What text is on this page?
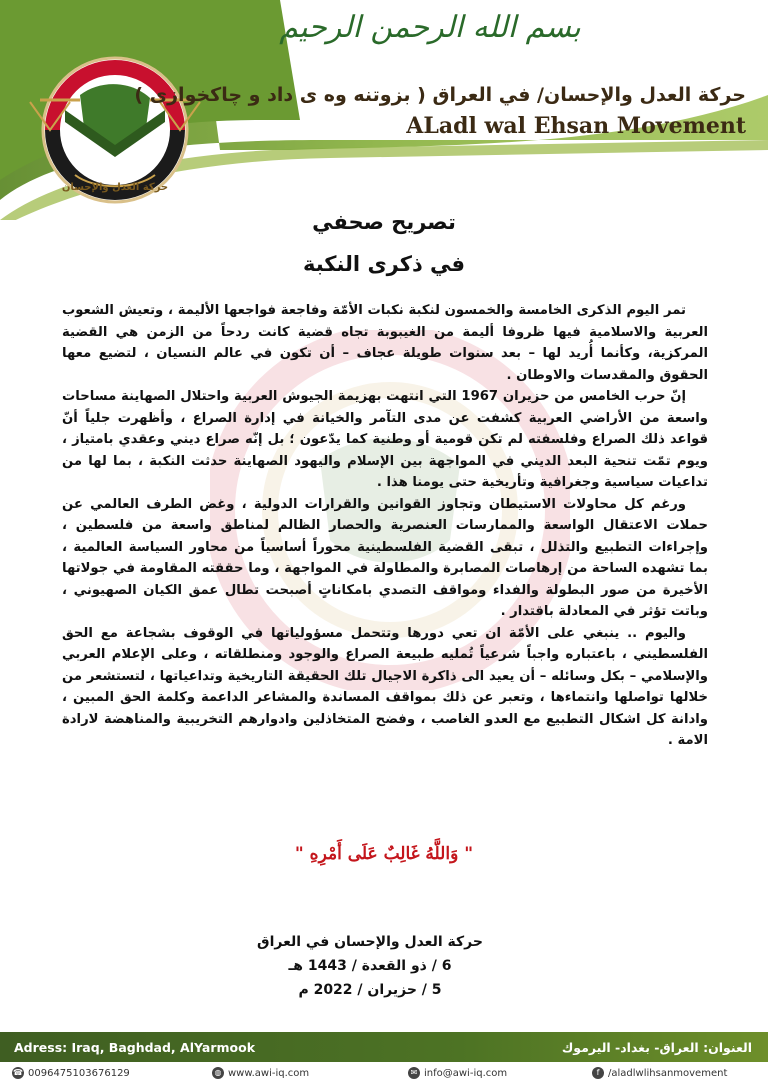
حركة العدل والإحسان
بسم الله الرحمن الرحيم
حركة العدل والإحسان/ في العراق ( بزوتنه وه ى داد و چاكخوازى )
ALadl wal Ehsan Movement
تصريح صحفي
في ذكرى النكبة

تمر اليوم الذكرى الخامسة والخمسون لنكبة نكبات الأمّة وفاجعة فواجعها الأليمة ، وتعيش الشعوب العربية والاسلامية فيها ظروفا أليمة من الغيبوبة تجاه قضية كانت ردحاً من الزمن هي القضية المركزية، وكأنما أُريد لها – بعد سنوات طويلة عجاف – أن تكون في عالم النسيان ، لتضيع معها الحقوق والمقدسات والاوطان .

إنّ حرب الخامس من حزيران 1967 التي انتهت بهزيمة الجيوش العربية واحتلال الصهاينة مساحات واسعة من الأراضي العربية كشفت عن مدى التآمر والخيانة في إدارة الصراع ، وأظهرت جلياً أنّ قواعد ذلك الصراع وفلسفته لم تكن قومية أو وطنية كما يدّعون ؛ بل إنّه صراع ديني وعقدي بامتياز ، ويوم تمّت تنحية البعد الديني في المواجهة بين الإسلام واليهود الصهاينة حدثت النكبة ، بما لها من تداعيات سياسية وجغرافية وتأريخية حتى يومنا هذا .

ورغم كل محاولات الاستيطان وتجاوز القوانين والقرارات الدولية ، وغض الطرف العالمي عن حملات الاعتقال الواسعة والممارسات العنصرية والحصار الظالم لمناطق واسعة من فلسطين ، وإجراءات التطبيع والتذلل ، تبقى القضية الفلسطينية محوراً أساسياً من محاور السياسة العالمية ، بما تشهده الساحة من إرهاصات المصابرة والمطاولة في المواجهة ، وما حققته المقاومة في جولاتها الأخيرة من صور البطولة والفداء ومواقف التصدي بامكاناتٍ أصبحت تطال عمق الكيان الصهيوني ، وباتت تؤثر في المعادلة باقتدار .

واليوم .. ينبغي على الأمّة ان تعي دورها وتتحمل مسؤولياتها في الوقوف بشجاعة مع الحق الفلسطيني ، باعتباره واجباً شرعياً تُمليه طبيعة الصراع والوجود ومنطلقاته ، وعلى الإعلام العربي والإسلامي – بكل وسائله – أن يعيد الى ذاكرة الاجيال تلك الحقيقة التاريخية وتداعياتها ، لتستشعر من خلالها تواصلها وانتماءها ، وتعبر عن ذلك بمواقف المساندة والمشاعر الداعمة وكلمة الحق المبين ، وادانة كل اشكال التطبيع مع العدو الغاصب ، وفضح المتخاذلين وادوارهم التخريبية والمناهضة لارادة الامة .

" وَاللَّهُ غَالِبٌ عَلَى أَمْرِهِ "
حركة العدل والإحسان في العراق
6 / ذو القعدة / 1443 هـ
5 / حزيران / 2022 م
Adress: Iraq, Baghdad, AlYarmook	العنوان: العراق- بغداد- اليرموك
☎ 00964751036761​29	◍ www.awi-iq.com	✉ info@awi-iq.com	f /aladlwlihsanmovement
